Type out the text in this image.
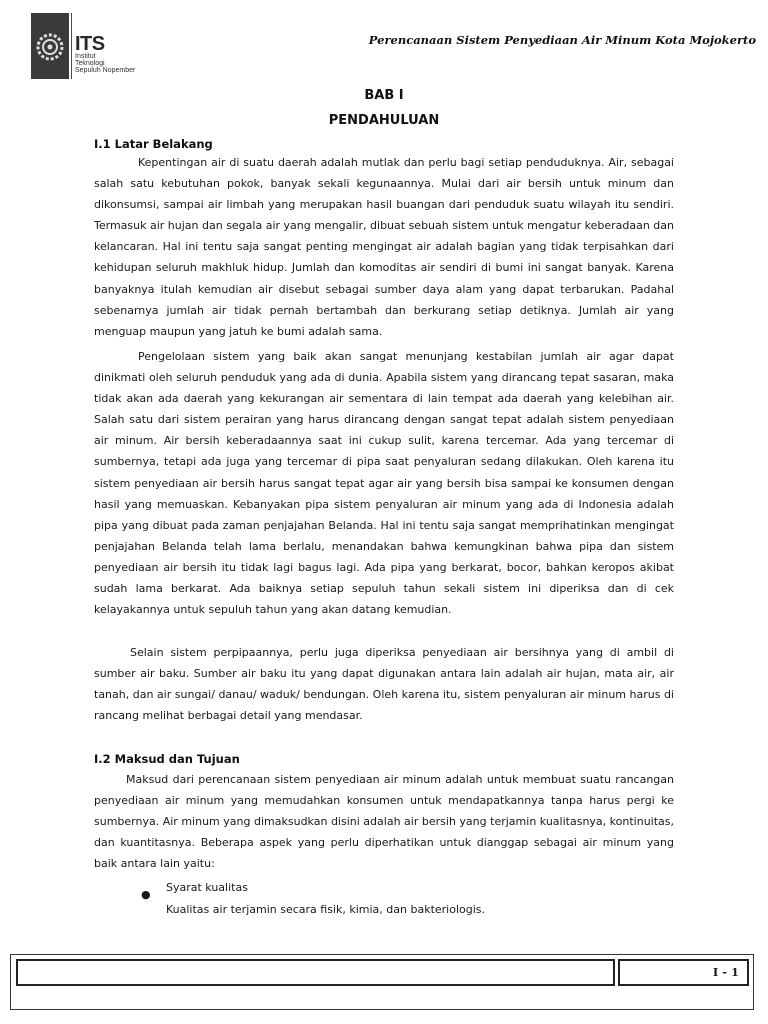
ITS
Institut
Teknologi
Sepuluh Nopember
Perencanaan Sistem Penyediaan Air Minum Kota Mojokerto
BAB I
PENDAHULUAN
I.1 Latar Belakang

Kepentingan air di suatu daerah adalah mutlak dan perlu bagi setiap penduduknya. Air, sebagai salah satu kebutuhan pokok, banyak sekali kegunaannya. Mulai dari air bersih untuk minum dan dikonsumsi, sampai air limbah yang merupakan hasil buangan dari penduduk suatu wilayah itu sendiri. Termasuk air hujan dan segala air yang mengalir, dibuat sebuah sistem untuk mengatur keberadaan dan kelancaran. Hal ini tentu saja sangat penting mengingat air adalah bagian yang tidak terpisahkan dari kehidupan seluruh makhluk hidup. Jumlah dan komoditas air sendiri di bumi ini sangat banyak. Karena banyaknya itulah kemudian air disebut sebagai sumber daya alam yang dapat terbarukan. Padahal sebenarnya jumlah air tidak pernah bertambah dan berkurang setiap detiknya. Jumlah air yang menguap maupun yang jatuh ke bumi adalah sama.

Pengelolaan sistem yang baik akan sangat menunjang kestabilan jumlah air agar dapat dinikmati oleh seluruh penduduk yang ada di dunia. Apabila sistem yang dirancang tepat sasaran, maka tidak akan ada daerah yang kekurangan air sementara di lain tempat ada daerah yang kelebihan air. Salah satu dari sistem perairan yang harus dirancang dengan sangat tepat adalah sistem penyediaan air minum. Air bersih keberadaannya saat ini cukup sulit, karena tercemar. Ada yang tercemar di sumbernya, tetapi ada juga yang tercemar di pipa saat penyaluran sedang dilakukan. Oleh karena itu sistem penyediaan air bersih harus sangat tepat agar air yang bersih bisa sampai ke konsumen dengan hasil yang memuaskan. Kebanyakan pipa sistem penyaluran air minum yang ada di Indonesia adalah pipa yang dibuat pada zaman penjajahan Belanda. Hal ini tentu saja sangat memprihatinkan mengingat penjajahan Belanda telah lama berlalu, menandakan bahwa kemungkinan bahwa pipa dan sistem penyediaan air bersih itu tidak lagi bagus lagi. Ada pipa yang berkarat, bocor, bahkan keropos akibat sudah lama berkarat. Ada baiknya setiap sepuluh tahun sekali sistem ini diperiksa dan di cek kelayakannya untuk sepuluh tahun yang akan datang kemudian.

Selain sistem perpipaannya, perlu juga diperiksa penyediaan air bersihnya yang di ambil di sumber air baku. Sumber air baku itu yang dapat digunakan antara lain adalah air hujan, mata air, air tanah, dan air sungai/ danau/ waduk/ bendungan. Oleh karena itu, sistem penyaluran air minum harus di rancang melihat berbagai detail yang mendasar.

I.2 Maksud dan Tujuan

Maksud dari perencanaan sistem penyediaan air minum adalah untuk membuat suatu rancangan penyediaan air minum yang memudahkan konsumen untuk mendapatkannya tanpa harus pergi ke sumbernya. Air minum yang dimaksudkan disini adalah air bersih yang terjamin kualitasnya, kontinuitas, dan kuantitasnya. Beberapa aspek yang perlu diperhatikan untuk dianggap sebagai air minum yang baik antara lain yaitu:

●

Syarat kualitas
Kualitas air terjamin secara fisik, kimia, dan bakteriologis.

I - 1
